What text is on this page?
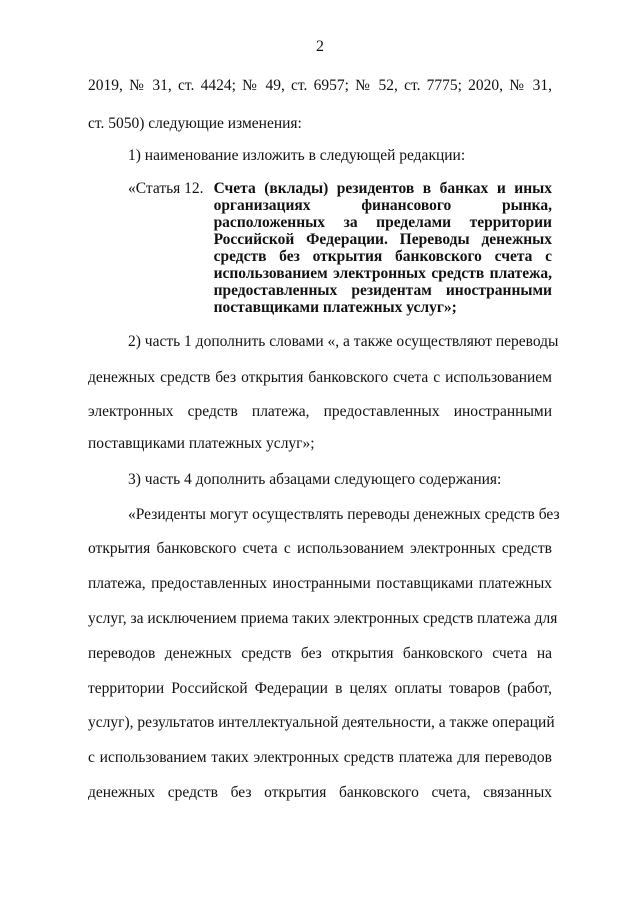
2
2019, № 31, ст. 4424; № 49, ст. 6957; № 52, ст. 7775; 2020, № 31,
ст. 5050) следующие изменения:
1) наименование изложить в следующей редакции:
«Статья 12. Счета (вклады) резидентов в банках и иных
организациях финансового рынка,
расположенных за пределами территории
Российской Федерации. Переводы денежных
средств без открытия банковского счета с
использованием электронных средств платежа,
предоставленных резидентам иностранными
поставщиками платежных услуг»;
2) часть 1 дополнить словами «, а также осуществляют переводы
денежных средств без открытия банковского счета с использованием
электронных средств платежа, предоставленных иностранными
поставщиками платежных услуг»;
3) часть 4 дополнить абзацами следующего содержания:
«Резиденты могут осуществлять переводы денежных средств без
открытия банковского счета с использованием электронных средств
платежа, предоставленных иностранными поставщиками платежных
услуг, за исключением приема таких электронных средств платежа для
переводов денежных средств без открытия банковского счета на
территории Российской Федерации в целях оплаты товаров (работ,
услуг), результатов интеллектуальной деятельности, а также операций
с использованием таких электронных средств платежа для переводов
денежных средств без открытия банковского счета, связанных
